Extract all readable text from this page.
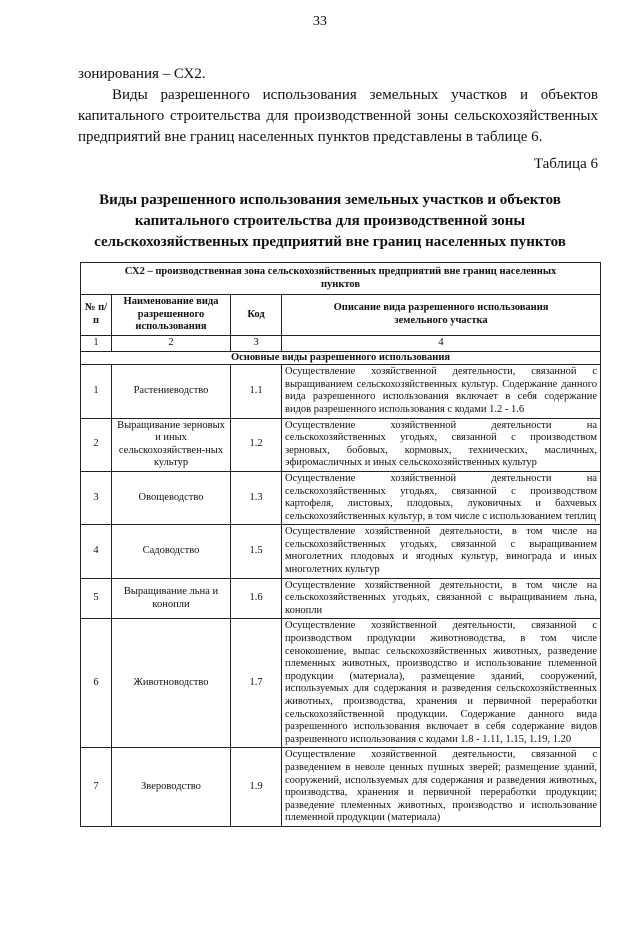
33

зонирования – СХ2.

Виды разрешенного использования земельных участков и объектов капитального строительства для производственной зоны сельскохозяйственных предприятий вне границ населенных пунктов представлены в таблице 6.

Таблица 6
Виды разрешенного использования земельных участков и объектов капитального строительства для производственной зоны сельскохозяйственных предприятий вне границ населенных пунктов
СХ2 – производственная зона сельскохозяйственных предприятий вне границ населенных пунктов			
№ п/п	Наименование вида разрешенного использования	Код	Описание вида разрешенного использования земельного участка
1	2	3	4
Основные виды разрешенного использования			
1	Растениеводство	1.1	Осуществление хозяйственной деятельности, связанной с выращиванием сельскохозяйственных культур. Содержание данного вида разрешенного использования включает в себя содержание видов разрешенного использования с кодами 1.2 - 1.6
2	Выращивание зерновых и иных сельскохозяйствен-ных культур	1.2	Осуществление хозяйственной деятельности на сельскохозяйственных угодьях, связанной с производством зерновых, бобовых, кормовых, технических, масличных, эфиромасличных и иных сельскохозяйственных культур
3	Овощеводство	1.3	Осуществление хозяйственной деятельности на сельскохозяйственных угодьях, связанной с производством картофеля, листовых, плодовых, луковичных и бахчевых сельскохозяйственных культур, в том числе с использованием теплиц
4	Садоводство	1.5	Осуществление хозяйственной деятельности, в том числе на сельскохозяйственных угодьях, связанной с выращиванием многолетних плодовых и ягодных культур, винограда и иных многолетних культур
5	Выращивание льна и конопли	1.6	Осуществление хозяйственной деятельности, в том числе на сельскохозяйственных угодьях, связанной с выращиванием льна, конопли
6	Животноводство	1.7	Осуществление хозяйственной деятельности, связанной с производством продукции животноводства, в том числе сенокошение, выпас сельскохозяйственных животных, разведение племенных животных, производство и использование племенной продукции (материала), размещение зданий, сооружений, используемых для содержания и разведения сельскохозяйственных животных, производства, хранения и первичной переработки сельскохозяйственной продукции. Содержание данного вида разрешенного использования включает в себя содержание видов разрешенного использования с кодами 1.8 - 1.11, 1.15, 1.19, 1.20
7	Звероводство	1.9	Осуществление хозяйственной деятельности, связанной с разведением в неволе ценных пушных зверей; размещение зданий, сооружений, используемых для содержания и разведения животных, производства, хранения и первичной переработки продукции; разведение племенных животных, производство и использование племенной продукции (материала)
